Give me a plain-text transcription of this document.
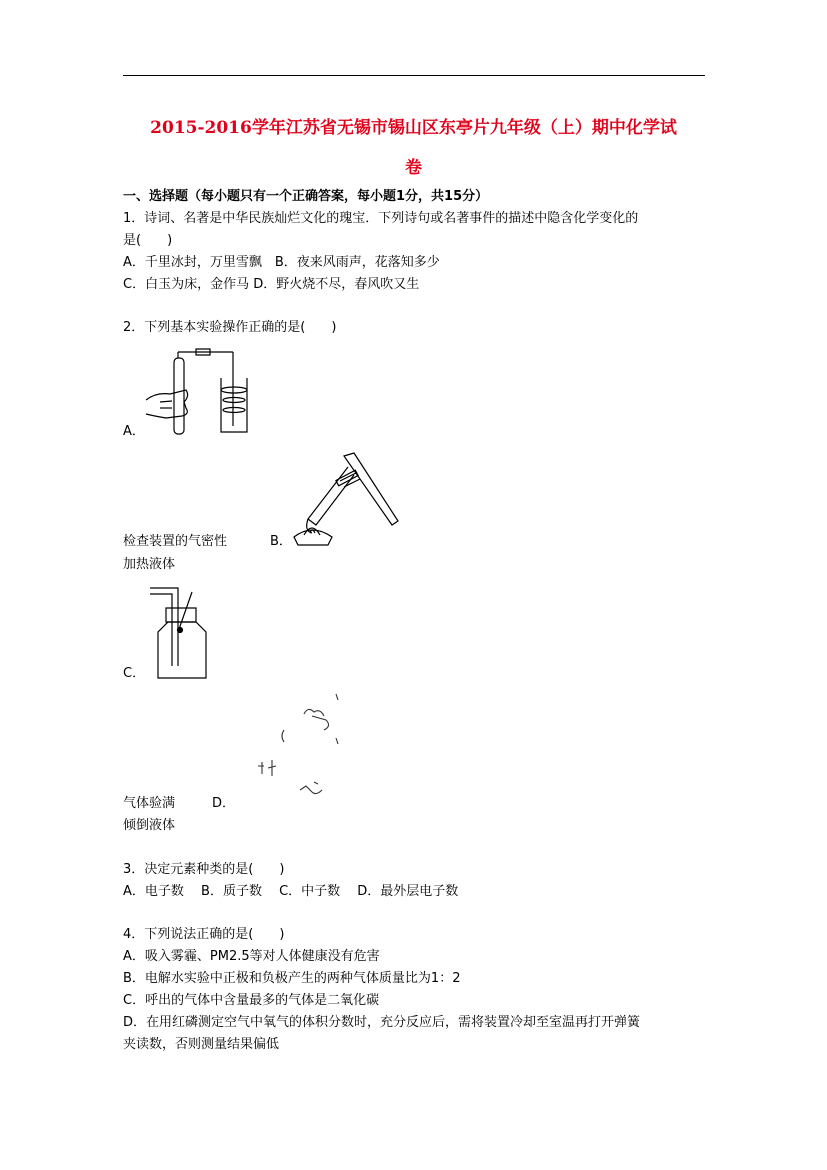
2015-2016学年江苏省无锡市锡山区东亭片九年级（上）期中化学试
卷
一、选择题（每小题只有一个正确答案，每小题1分，共15分）
1．诗词、名著是中华民族灿烂文化的瑰宝．下列诗句或名著事件的描述中隐含化学变化的
是(　　)
A．千里冰封，万里雪飘　B．夜来风雨声，花落知多少
C．白玉为床，金作马 D．野火烧不尽，春风吹又生
2．下列基本实验操作正确的是(　　)
A．
检查装置的气密性	B．
加热液体
C．
气体验满	D．
倾倒液体
3．决定元素种类的是(　　)
A．电子数　 B．质子数　 C．中子数　 D．最外层电子数
4．下列说法正确的是(　　)
A．吸入雾霾、PM2.5等对人体健康没有危害
B．电解水实验中正极和负极产生的两种气体质量比为1：2
C．呼出的气体中含量最多的气体是二氧化碳
D．在用红磷测定空气中氧气的体积分数时，充分反应后，需将装置冷却至室温再打开弹簧
夹读数，否则测量结果偏低
